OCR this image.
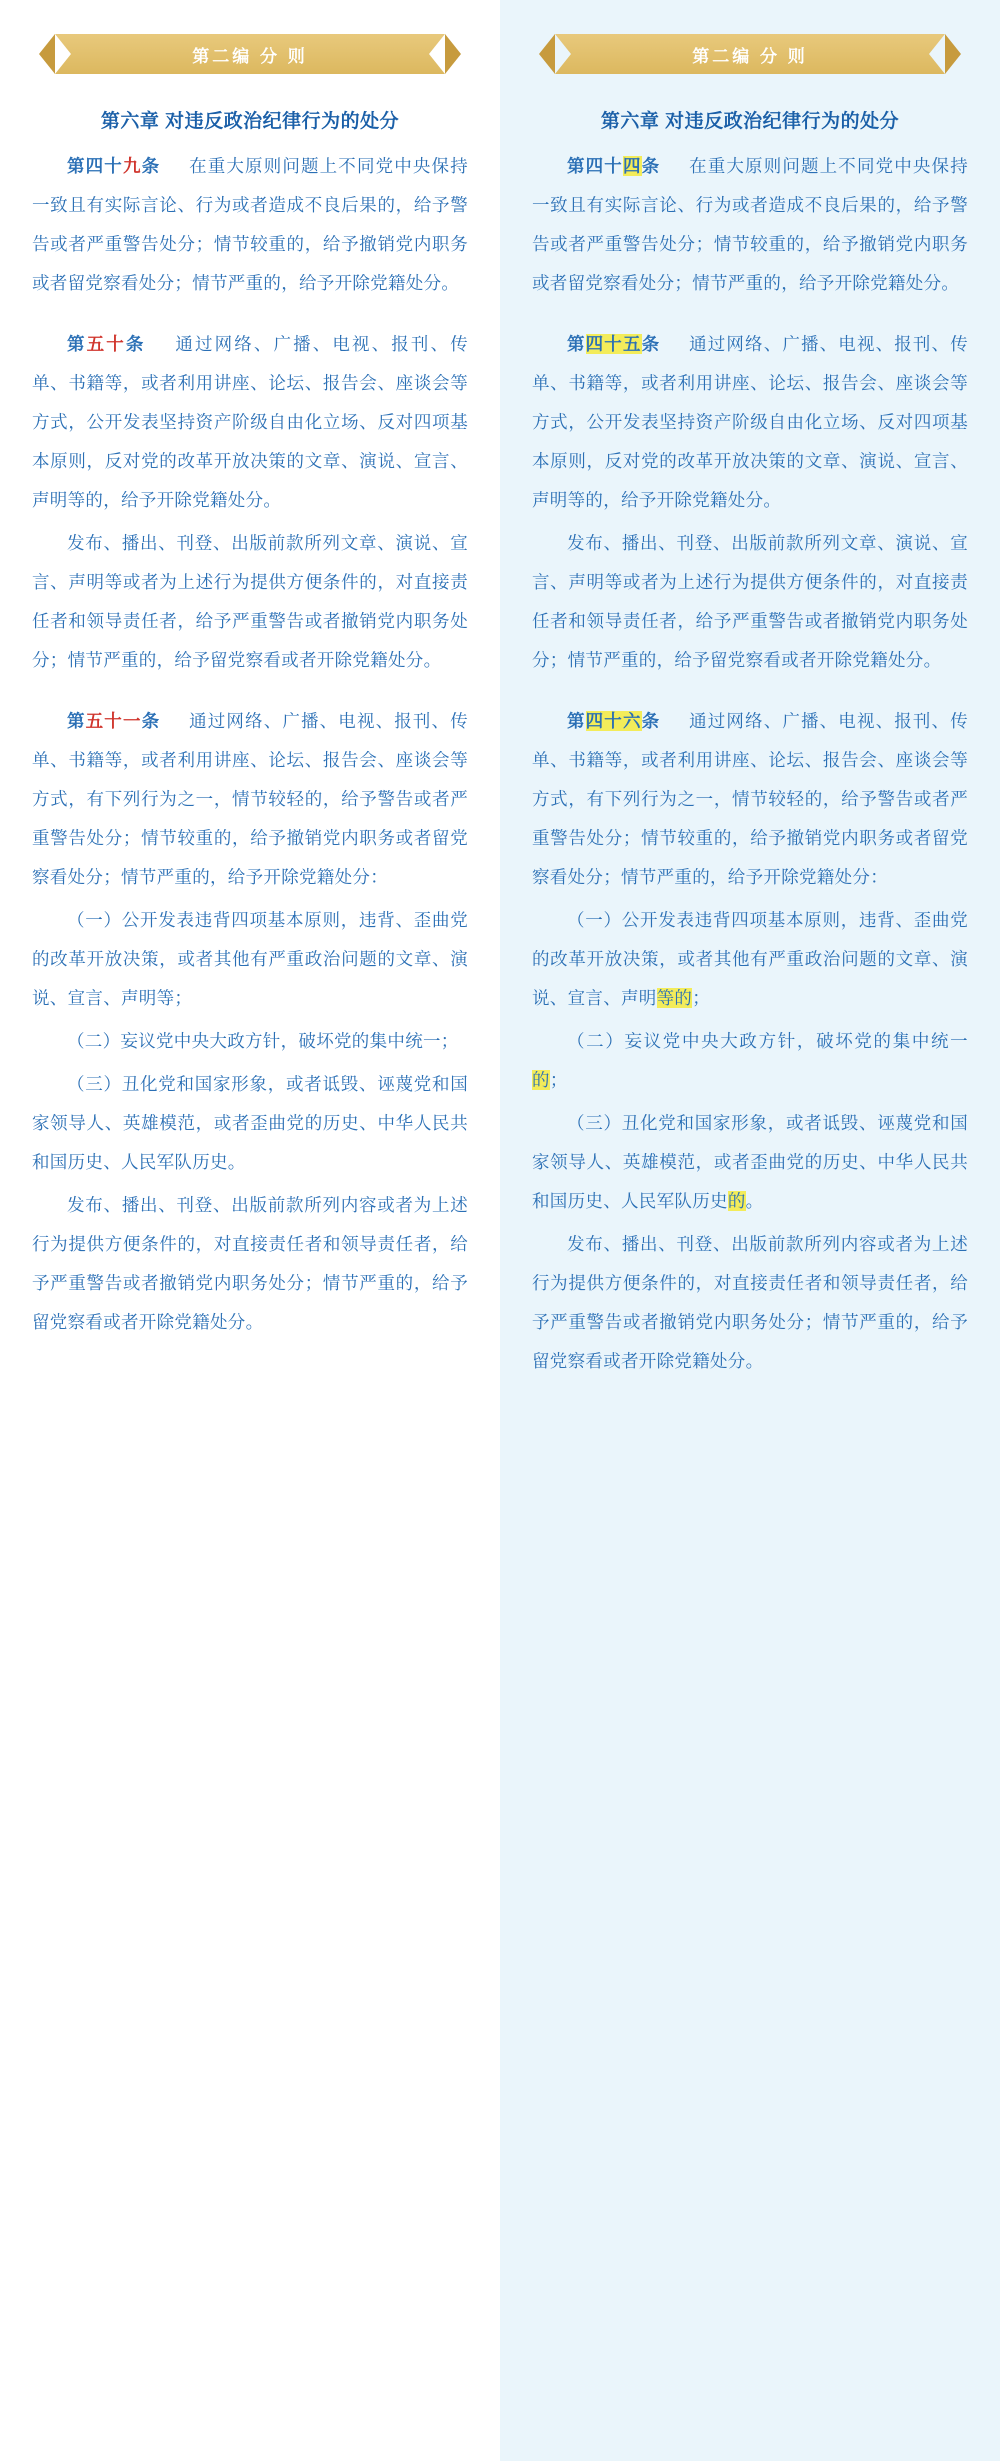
第二编 分 则
第六章 对违反政治纪律行为的处分

第四十九条 在重大原则问题上不同党中央保持一致且有实际言论、行为或者造成不良后果的，给予警告或者严重警告处分；情节较重的，给予撤销党内职务或者留党察看处分；情节严重的，给予开除党籍处分。

第五十条 通过网络、广播、电视、报刊、传单、书籍等，或者利用讲座、论坛、报告会、座谈会等方式，公开发表坚持资产阶级自由化立场、反对四项基本原则，反对党的改革开放决策的文章、演说、宣言、声明等的，给予开除党籍处分。

发布、播出、刊登、出版前款所列文章、演说、宣言、声明等或者为上述行为提供方便条件的，对直接责任者和领导责任者，给予严重警告或者撤销党内职务处分；情节严重的，给予留党察看或者开除党籍处分。

第五十一条 通过网络、广播、电视、报刊、传单、书籍等，或者利用讲座、论坛、报告会、座谈会等方式，有下列行为之一，情节较轻的，给予警告或者严重警告处分；情节较重的，给予撤销党内职务或者留党察看处分；情节严重的，给予开除党籍处分：

（一）公开发表违背四项基本原则，违背、歪曲党的改革开放决策，或者其他有严重政治问题的文章、演说、宣言、声明等；

（二）妄议党中央大政方针，破坏党的集中统一；

（三）丑化党和国家形象，或者诋毁、诬蔑党和国家领导人、英雄模范，或者歪曲党的历史、中华人民共和国历史、人民军队历史。

发布、播出、刊登、出版前款所列内容或者为上述行为提供方便条件的，对直接责任者和领导责任者，给予严重警告或者撤销党内职务处分；情节严重的，给予留党察看或者开除党籍处分。

第二编 分 则
第六章 对违反政治纪律行为的处分

第四十四条 在重大原则问题上不同党中央保持一致且有实际言论、行为或者造成不良后果的，给予警告或者严重警告处分；情节较重的，给予撤销党内职务或者留党察看处分；情节严重的，给予开除党籍处分。

第四十五条 通过网络、广播、电视、报刊、传单、书籍等，或者利用讲座、论坛、报告会、座谈会等方式，公开发表坚持资产阶级自由化立场、反对四项基本原则，反对党的改革开放决策的文章、演说、宣言、声明等的，给予开除党籍处分。

发布、播出、刊登、出版前款所列文章、演说、宣言、声明等或者为上述行为提供方便条件的，对直接责任者和领导责任者，给予严重警告或者撤销党内职务处分；情节严重的，给予留党察看或者开除党籍处分。

第四十六条 通过网络、广播、电视、报刊、传单、书籍等，或者利用讲座、论坛、报告会、座谈会等方式，有下列行为之一，情节较轻的，给予警告或者严重警告处分；情节较重的，给予撤销党内职务或者留党察看处分；情节严重的，给予开除党籍处分：

（一）公开发表违背四项基本原则，违背、歪曲党的改革开放决策，或者其他有严重政治问题的文章、演说、宣言、声明等的；

（二）妄议党中央大政方针，破坏党的集中统一的；

（三）丑化党和国家形象，或者诋毁、诬蔑党和国家领导人、英雄模范，或者歪曲党的历史、中华人民共和国历史、人民军队历史的。

发布、播出、刊登、出版前款所列内容或者为上述行为提供方便条件的，对直接责任者和领导责任者，给予严重警告或者撤销党内职务处分；情节严重的，给予留党察看或者开除党籍处分。
